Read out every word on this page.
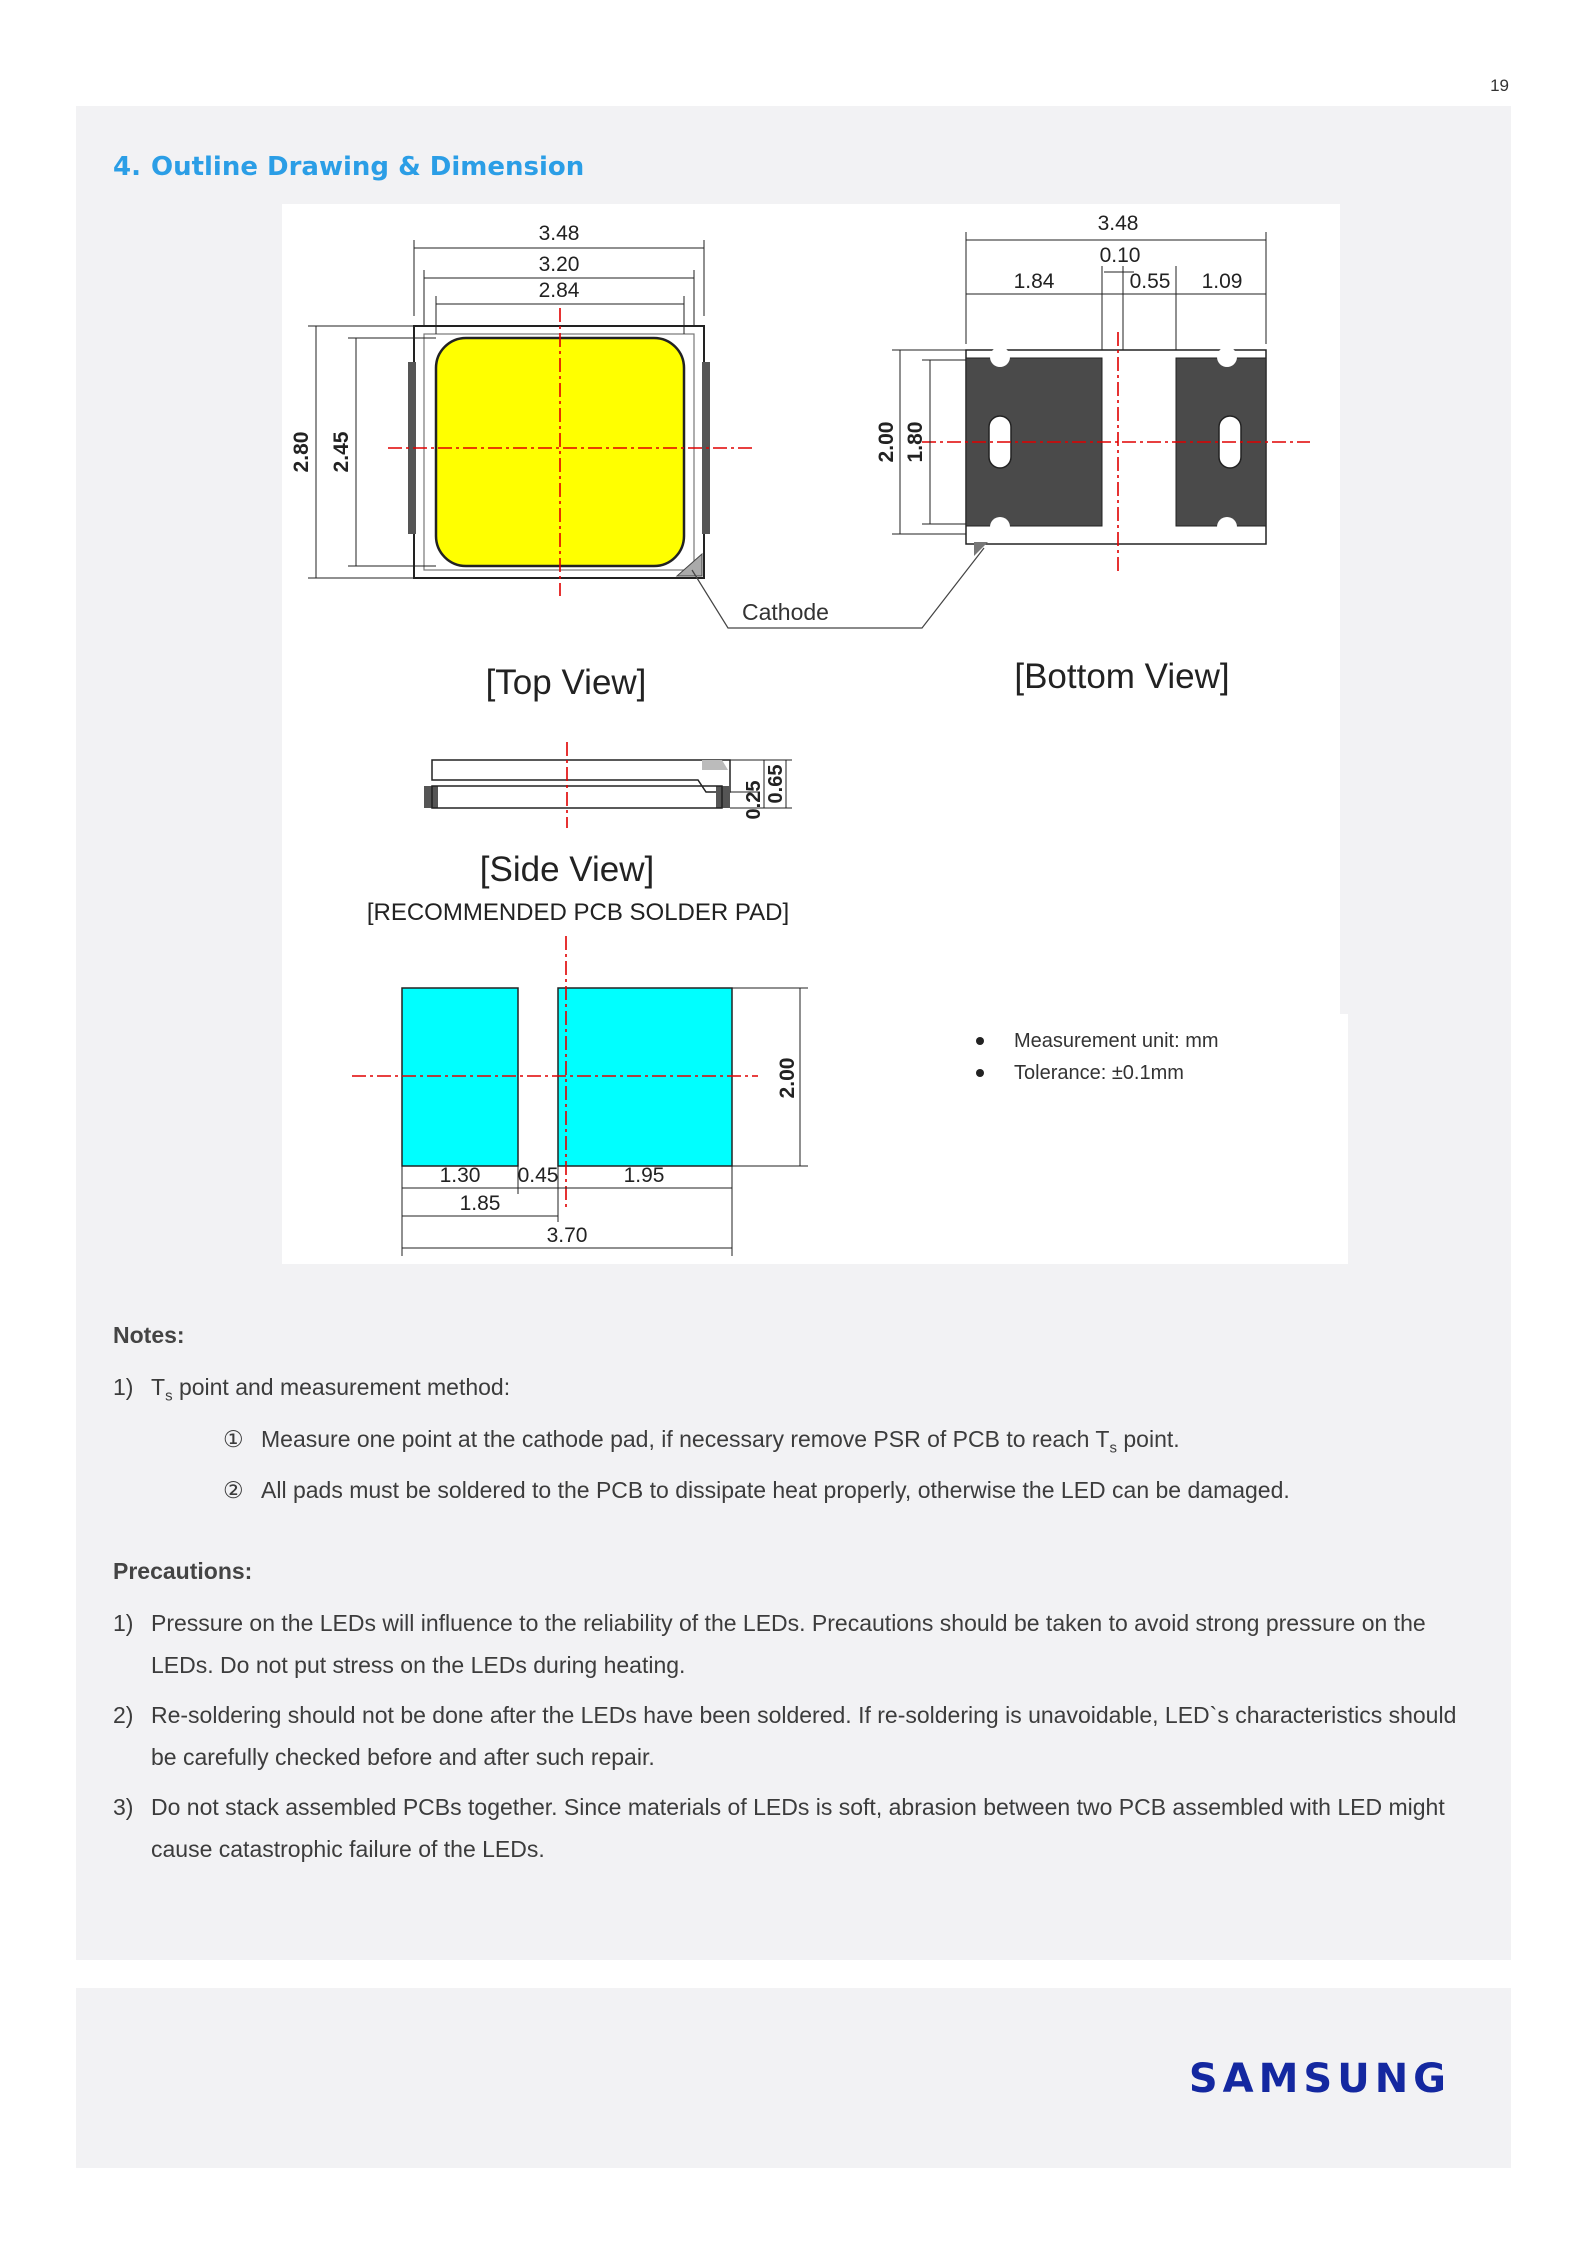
19
4. Outline Drawing & Dimension
3.48
3.20
2.84
2.80 2.45
Cathode
[Top View]
3.48
0.10
1.84	0.55 1.09
2.00 1.80
[Bottom View]
0.25 0.65
[Side View]
[RECOMMENDED PCB SOLDER PAD]
2.00
1.30 0.45	1.95
1.85
3.70
Measurement unit: mm
Tolerance: ±0.1mm
Notes:
1) $T_s$ point and measurement method:
① Measure one point at the cathode pad, if necessary remove PSR of PCB to reach $T_s$ point.
② All pads must be soldered to the PCB to dissipate heat properly, otherwise the LED can be damaged.
Precautions:
1) Pressure on the LEDs will influence to the reliability of the LEDs. Precautions should be taken to avoid strong pressure on the LEDs. Do not put stress on the LEDs during heating.
2) Re-soldering should not be done after the LEDs have been soldered. If re-soldering is unavoidable, LED`s characteristics should be carefully checked before and after such repair.
3) Do not stack assembled PCBs together. Since materials of LEDs is soft, abrasion between two PCB assembled with LED might cause catastrophic failure of the LEDs.
SAMSUNG
